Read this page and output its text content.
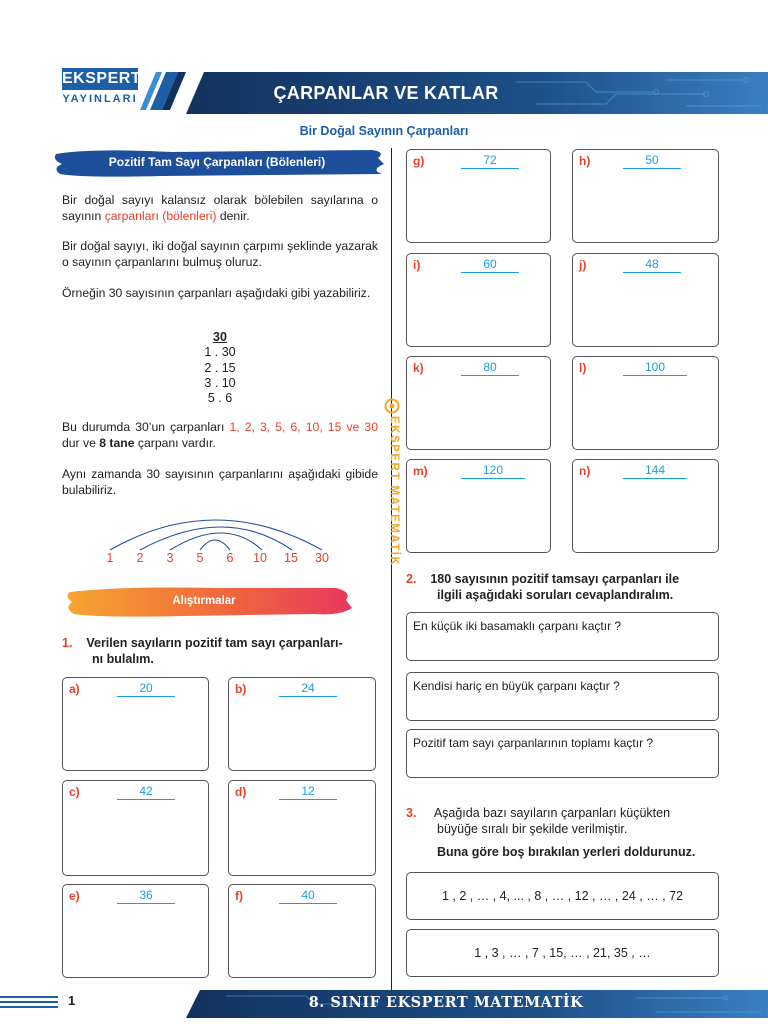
EKSPERT
YAYINLARI	ÇARPANLAR VE KATLAR
Bir Doğal Sayının Çarpanları
Pozitif Tam Sayı Çarpanları (Bölenleri)
Bir doğal sayıyı kalansız olarak bölebilen sayılarına o sayının çarpanları (bölenleri) denir.
Bir doğal sayıyı, iki doğal sayının çarpımı şeklinde yazarak o sayının çarpanlarını bulmuş oluruz.
Örneğin 30 sayısının çarpanları aşağıdaki gibi yazabiliriz.
30
1 . 30
2 . 15
3 . 10
5 . 6
Bu durumda 30’un çarpanları 1, 2, 3, 5, 6, 10, 15 ve 30 dur ve 8 tane çarpanı vardır.
Aynı zamanda 30 sayısının çarpanlarını aşağıdaki gibide bulabiliriz.
1	2	3	5	6	10	15	30
Alıştırmalar
1. Verilen sayıların pozitif tam sayı çarpanları-
nı bulalım.
a)	20	b)	24
c)	42	d)	12
e)	36	f)	40
EKSPERT MATEMATİK
g)	72	h)	50
i)	60	j)	48
k)	80	l)	100
m)	120	n)	144
2. 180 sayısının pozitif tamsayı çarpanları ile
ilgili aşağıdaki soruları cevaplandıralım.
En küçük iki basamaklı çarpanı kaçtır ?
Kendisi hariç en büyük çarpanı kaçtır ?
Pozitif tam sayı çarpanlarının toplamı kaçtır ?
3. Aşağıda bazı sayıların çarpanları küçükten
büyüğe sıralı bir şekilde verilmiştir.
Buna göre boş bırakılan yerleri doldurunuz.
1 , 2 , … , 4, ... , 8 , … , 12 , … , 24 , … , 72
1 , 3 , … , 7 , 15, … , 21, 35 , …
1	8. SINIF EKSPERT MATEMATİK
